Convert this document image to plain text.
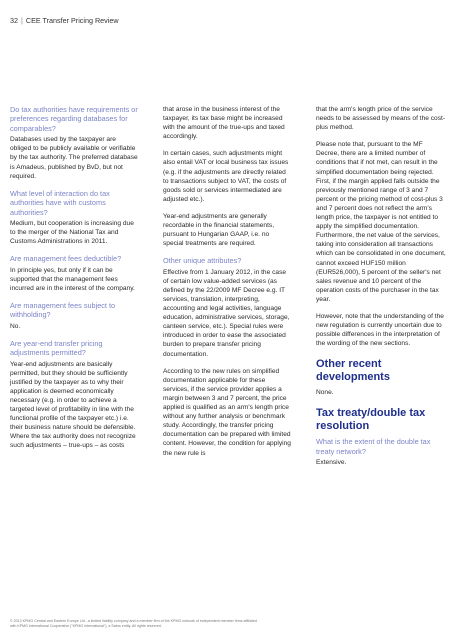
32 | CEE Transfer Pricing Review
Do tax authorities have requirements or preferences regarding databases for comparables?

Databases used by the taxpayer are obliged to be publicly available or verifiable by the tax authority. The preferred database is Amadeus, published by BvD, but not required.

What level of interaction do tax authorities have with customs authorities?

Medium, but cooperation is increasing due to the merger of the National Tax and Customs Administrations in 2011.

Are management fees deductible?

In principle yes, but only if it can be supported that the management fees incurred are in the interest of the company.

Are management fees subject to withholding?

No.

Are year-end transfer pricing adjustments permitted?

Year-end adjustments are basically permitted, but they should be sufficiently justified by the taxpayer as to why their application is deemed economically necessary (e.g. in order to achieve a targeted level of profitability in line with the functional profile of the taxpayer etc.) i.e. their business nature should be defensible. Where the tax authority does not recognize such adjustments – true-ups – as costs

that arose in the business interest of the taxpayer, its tax base might be increased with the amount of the true-ups and taxed accordingly.

In certain cases, such adjustments might also entail VAT or local business tax issues (e.g. if the adjustments are directly related to transactions subject to VAT, the costs of goods sold or services intermediated are adjusted etc.).

Year-end adjustments are generally recordable in the financial statements, pursuant to Hungarian GAAP, i.e. no special treatments are required.

Other unique attributes?

Effective from 1 January 2012, in the case of certain low value-added services (as defined by the 22/2009 MF Decree e.g. IT services, translation, interpreting, accounting and legal activities, language education, administrative services, storage, canteen service, etc.). Special rules were introduced in order to ease the associated burden to prepare transfer pricing documentation.

According to the new rules on simplified documentation applicable for these services, if the service provider applies a margin between 3 and 7 percent, the price applied is qualified as an arm's length price without any further analysis or benchmark study. Accordingly, the transfer pricing documentation can be prepared with limited content. However, the condition for applying the new rule is

that the arm's length price of the service needs to be assessed by means of the cost-plus method.

Please note that, pursuant to the MF Decree, there are a limited number of conditions that if not met, can result in the simplified documentation being rejected. First, if the margin applied falls outside the previously mentioned range of 3 and 7 percent or the pricing method of cost-plus 3 and 7 percent does not reflect the arm's length price, the taxpayer is not entitled to apply the simplified documentation. Furthermore, the net value of the services, taking into consideration all transactions which can be consolidated in one document, cannot exceed HUF150 million (EUR526,000), 5 percent of the seller's net sales revenue and 10 percent of the operation costs of the purchaser in the tax year.

However, note that the understanding of the new regulation is currently uncertain due to possible differences in the interpretation of the wording of the new sections.

Other recent developments

None.

Tax treaty/double tax resolution
What is the extent of the double tax treaty network?

Extensive.

© 2013 KPMG Central and Eastern Europe Ltd., a limited liability company and a member firm of the KPMG network of independent member firms affiliated
with KPMG International Cooperative ("KPMG International"), a Swiss entity. All rights reserved.
